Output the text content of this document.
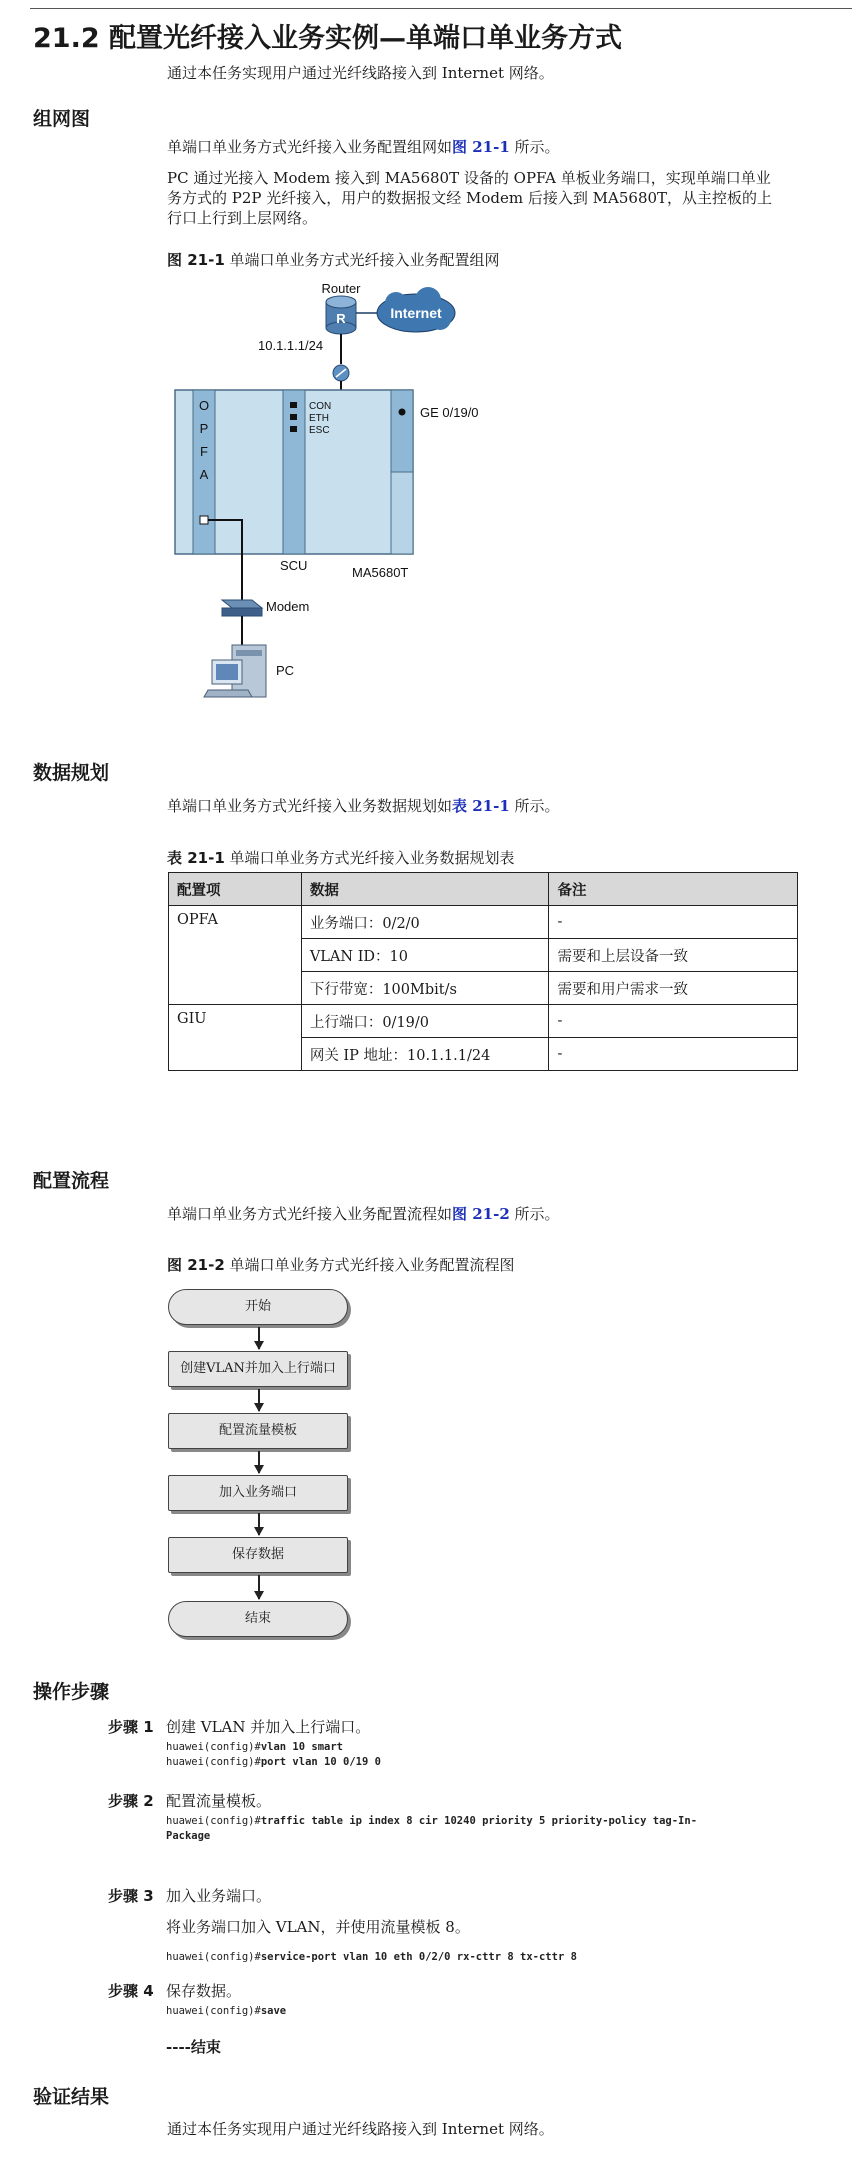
21.2 配置光纤接入业务实例—单端口单业务方式
通过本任务实现用户通过光纤线路接入到 Internet 网络。
组网图
单端口单业务方式光纤接入业务配置组网如图 21-1 所示。
PC 通过光接入 Modem 接入到 MA5680T 设备的 OPFA 单板业务端口，实现单端口单业
务方式的 P2P 光纤接入，用户的数据报文经 Modem 后接入到 MA5680T，从主控板的上
行口上行到上层网络。
图 21-1 单端口单业务方式光纤接入业务配置组网
R
Router
Internet
10.1.1.1/24
O
P
F
A
CON
ETH
ESC
GE 0/19/0
SCU	MA5680T
Modem
PC
数据规划
单端口单业务方式光纤接入业务数据规划如表 21-1 所示。
表 21-1 单端口单业务方式光纤接入业务数据规划表
配置项	数据	备注
OPFA	业务端口：0/2/0	-
	VLAN ID：10	需要和上层设备一致
	下行带宽：100Mbit/s	需要和用户需求一致
GIU	上行端口：0/19/0	-
	网关 IP 地址：10.1.1.1/24	-
配置流程
单端口单业务方式光纤接入业务配置流程如图 21-2 所示。
图 21-2 单端口单业务方式光纤接入业务配置流程图
开始
创建VLAN并加入上行端口
配置流量模板
加入业务端口
保存数据
结束
操作步骤
步骤 1 创建 VLAN 并加入上行端口。
huawei(config)#vlan 10 smart
huawei(config)#port vlan 10 0/19 0
步骤 2 配置流量模板。
huawei(config)#traffic table ip index 8 cir 10240 priority 5 priority-policy tag-In-
Package
步骤 3 加入业务端口。
将业务端口加入 VLAN，并使用流量模板 8。
huawei(config)#service-port vlan 10 eth 0/2/0 rx-cttr 8 tx-cttr 8
步骤 4 保存数据。
huawei(config)#save
----结束
验证结果
通过本任务实现用户通过光纤线路接入到 Internet 网络。
